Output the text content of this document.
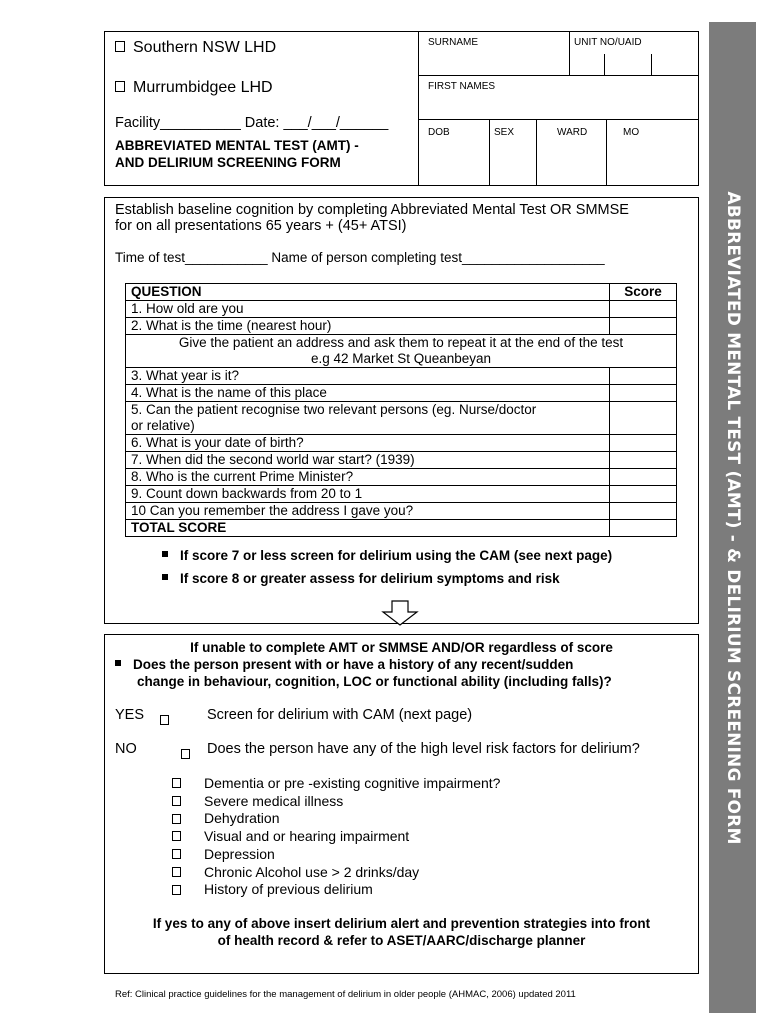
Southern NSW LHD
Murrumbidgee LHD
Facility__________ Date: ___/___/______
ABBREVIATED MENTAL TEST (AMT) -
AND DELIRIUM SCREENING FORM
SURNAME	UNIT NO/UAID
FIRST NAMES
DOB	SEX	WARD	MO
ABBREVIATED MENTAL TEST (AMT) - & DELIRIUM SCREENING FORM
Establish baseline cognition by completing Abbreviated Mental Test OR SMMSE
for on all presentations 65 years + (45+ ATSI)
Time of test___________ Name of person completing test___________________
QUESTION	Score
1. How old are you	
2. What is the time (nearest hour)	

Give the patient an address and ask them to repeat it at the end of the test
e.g 42 Market St Queanbeyan	

3. What year is it?	
4. What is the name of this place	

5. Can the patient recognise two relevant persons (eg. Nurse/doctor
or relative)	

6. What is your date of birth?	
7. When did the second world war start? (1939)	
8. Who is the current Prime Minister?	
9. Count down backwards from 20 to 1	
10 Can you remember the address I gave you?	
TOTAL SCORE	
If score 7 or less screen for delirium using the CAM (see next page)
If score 8 or greater assess for delirium symptoms and risk
If unable to complete AMT or SMMSE AND/OR regardless of score
Does the person present with or have a history of any recent/sudden
change in behaviour, cognition, LOC or functional ability (including falls)?
YES
	Screen for delirium with CAM (next page)
NO	Does the person have any of the high level risk factors for delirium?
Dementia or pre -existing cognitive impairment?
Severe medical illness
Dehydration
Visual and or hearing impairment
Depression
Chronic Alcohol use > 2 drinks/day
History of previous delirium
If yes to any of above insert delirium alert and prevention strategies into front
of health record & refer to ASET/AARC/discharge planner
Ref: Clinical practice guidelines for the management of delirium in older people (AHMAC, 2006) updated 2011
